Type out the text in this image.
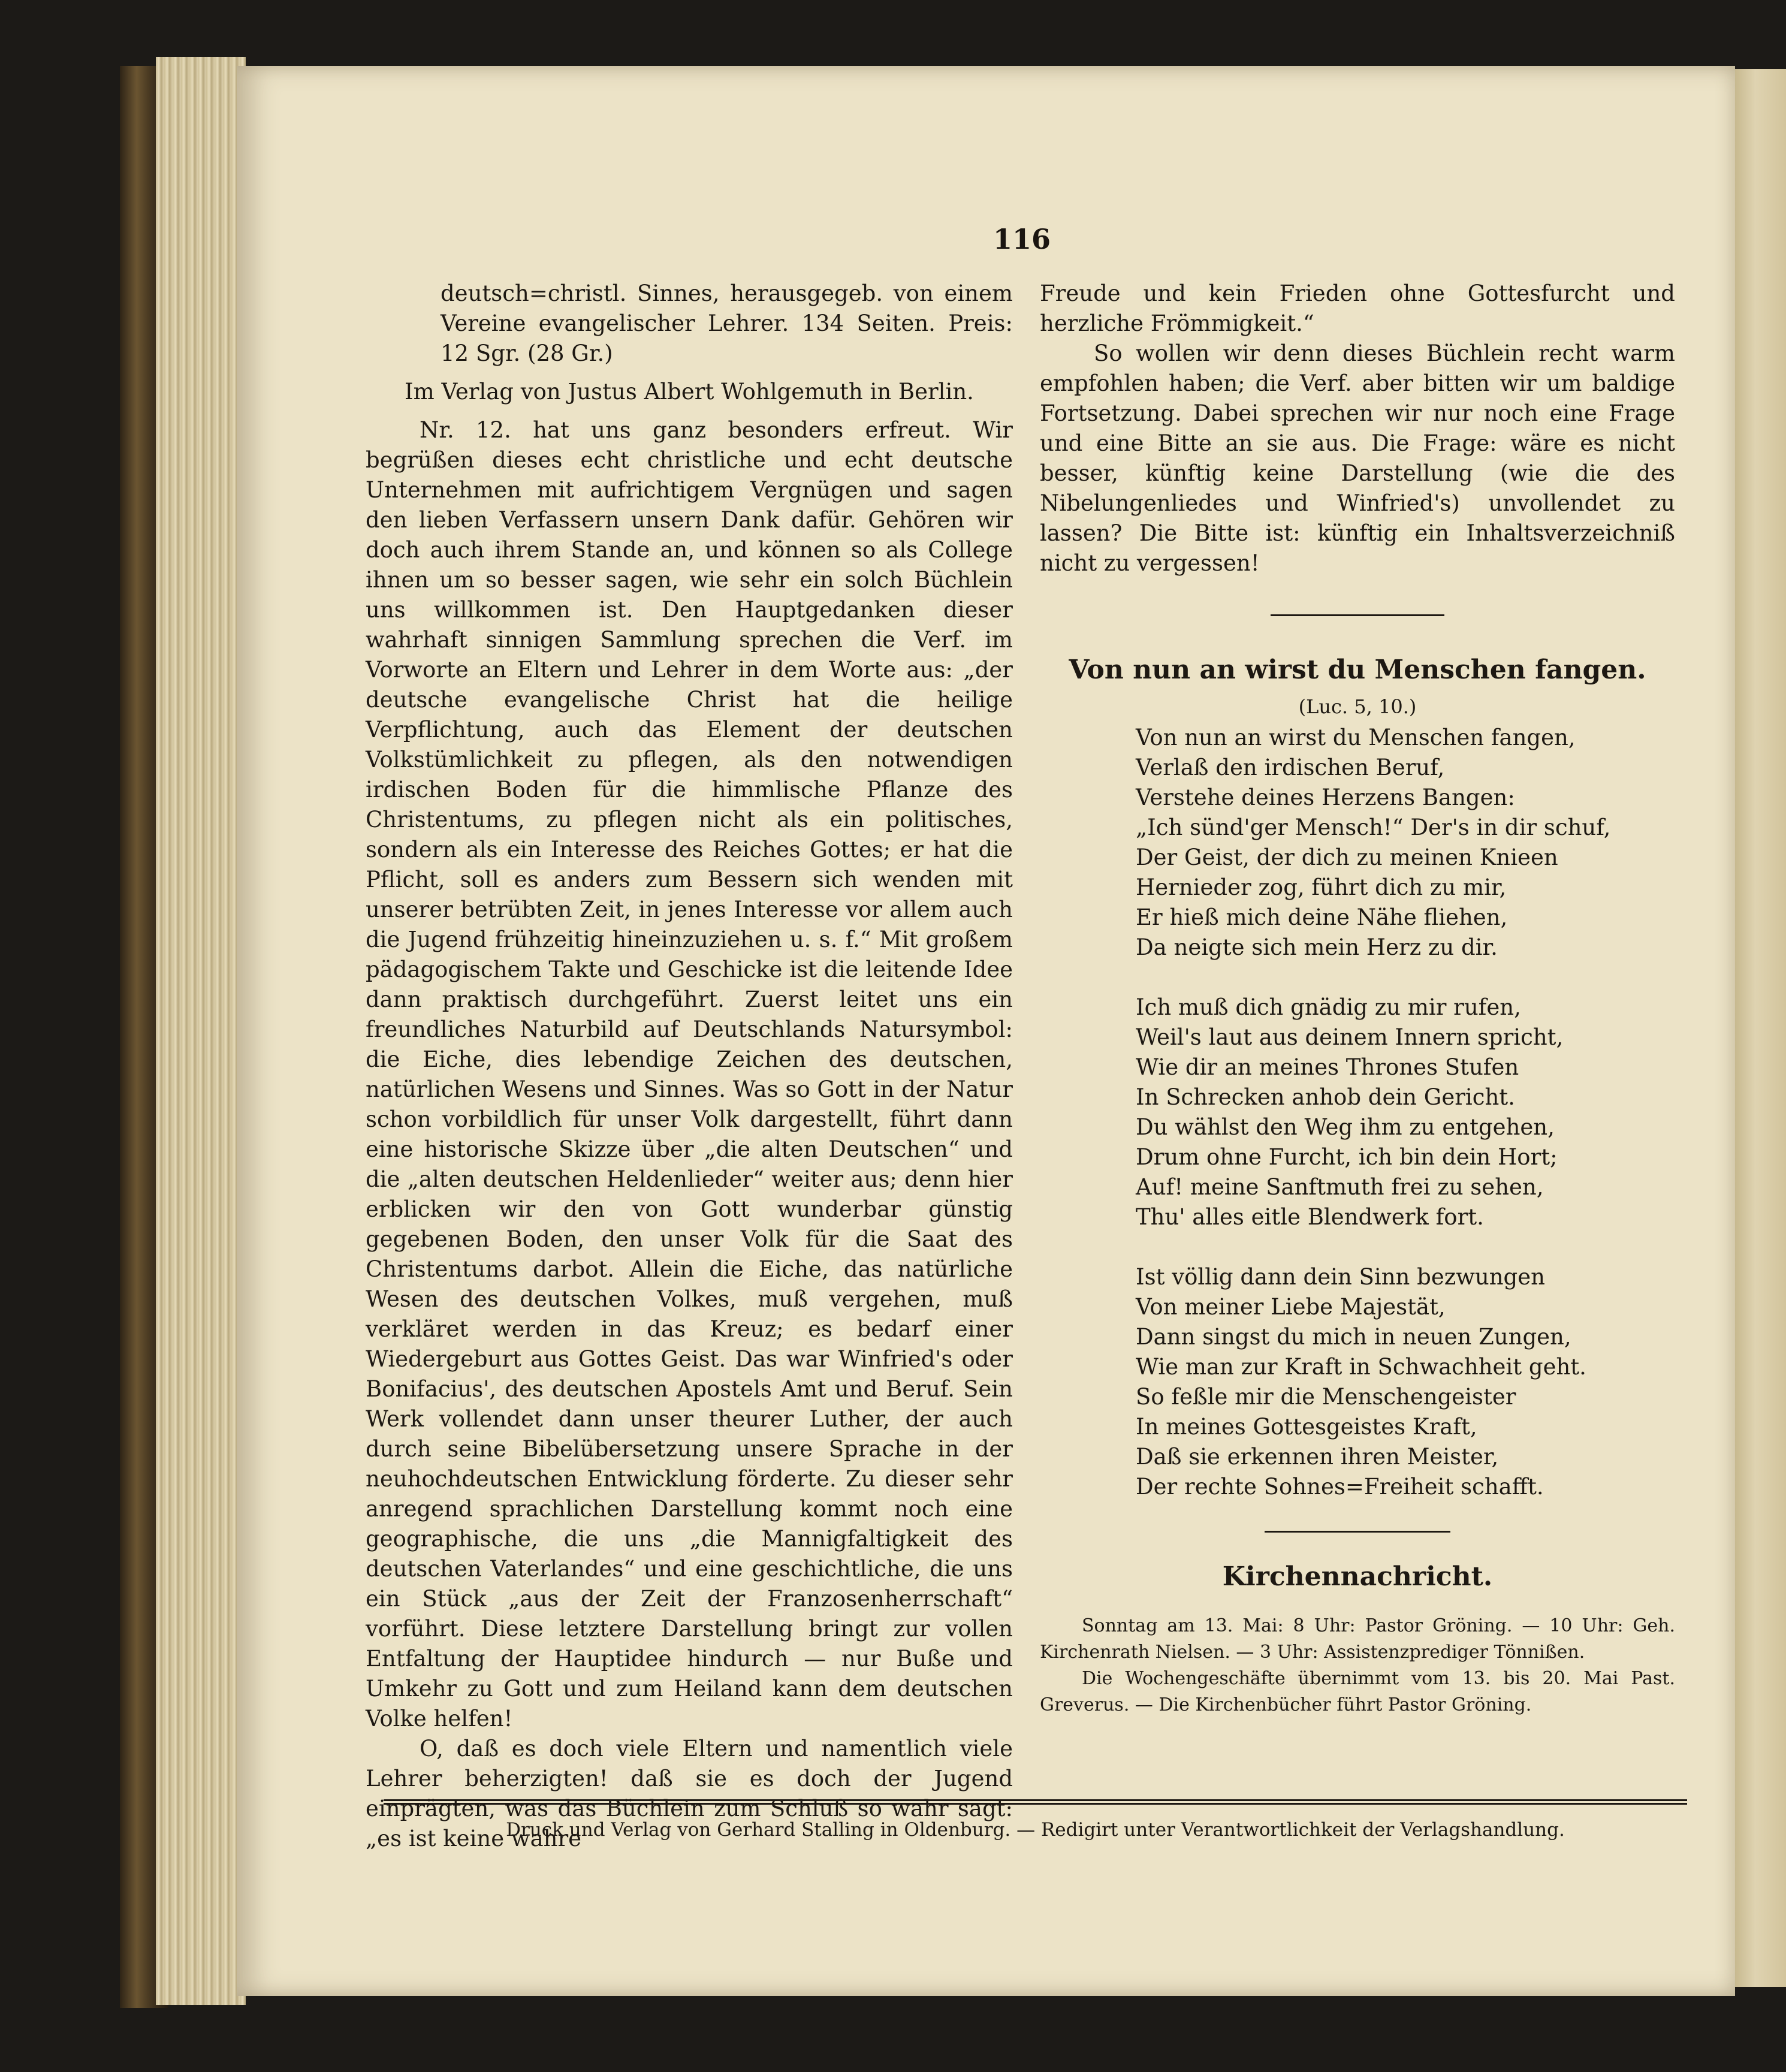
116

deutsch=christl. Sinnes, herausgegeb. von einem Vereine evangelischer Lehrer. 134 Seiten. Preis: 12 Sgr. (28 Gr.)

Im Verlag von Justus Albert Wohlgemuth in Berlin.

Nr. 12. hat uns ganz besonders erfreut. Wir begrüßen dieses echt christliche und echt deutsche Unternehmen mit aufrichtigem Vergnügen und sagen den lieben Verfassern unsern Dank dafür. Gehören wir doch auch ihrem Stande an, und können so als College ihnen um so besser sagen, wie sehr ein solch Büchlein uns willkommen ist. Den Hauptgedanken dieser wahrhaft sinnigen Sammlung sprechen die Verf. im Vorworte an Eltern und Lehrer in dem Worte aus: „der deutsche evangelische Christ hat die heilige Verpflichtung, auch das Element der deutschen Volkstümlichkeit zu pflegen, als den notwendigen irdischen Boden für die himmlische Pflanze des Christentums, zu pflegen nicht als ein politisches, sondern als ein Interesse des Reiches Gottes; er hat die Pflicht, soll es anders zum Bessern sich wenden mit unserer betrübten Zeit, in jenes Interesse vor allem auch die Jugend frühzeitig hineinzuziehen u. s. f.“ Mit großem pädagogischem Takte und Geschicke ist die leitende Idee dann praktisch durchgeführt. Zuerst leitet uns ein freundliches Naturbild auf Deutschlands Natursymbol: die Eiche, dies lebendige Zeichen des deutschen, natürlichen Wesens und Sinnes. Was so Gott in der Natur schon vorbildlich für unser Volk dargestellt, führt dann eine historische Skizze über „die alten Deutschen“ und die „alten deutschen Heldenlieder“ weiter aus; denn hier erblicken wir den von Gott wunderbar günstig gegebenen Boden, den unser Volk für die Saat des Christentums darbot. Allein die Eiche, das natürliche Wesen des deutschen Volkes, muß vergehen, muß verkläret werden in das Kreuz; es bedarf einer Wiedergeburt aus Gottes Geist. Das war Winfried's oder Bonifacius', des deutschen Apostels Amt und Beruf. Sein Werk vollendet dann unser theurer Luther, der auch durch seine Bibelübersetzung unsere Sprache in der neuhochdeutschen Entwicklung förderte. Zu dieser sehr anregend sprachlichen Darstellung kommt noch eine geographische, die uns „die Mannigfaltigkeit des deutschen Vaterlandes“ und eine geschichtliche, die uns ein Stück „aus der Zeit der Franzosenherrschaft“ vorführt. Diese letztere Darstellung bringt zur vollen Entfaltung der Hauptidee hindurch — nur Buße und Umkehr zu Gott und zum Heiland kann dem deutschen Volke helfen!

O, daß es doch viele Eltern und namentlich viele Lehrer beherzigten! daß sie es doch der Jugend einprägten, was das Büchlein zum Schluß so wahr sagt: „es ist keine wahre

Freude und kein Frieden ohne Gottesfurcht und herzliche Frömmigkeit.“

So wollen wir denn dieses Büchlein recht warm empfohlen haben; die Verf. aber bitten wir um baldige Fortsetzung. Dabei sprechen wir nur noch eine Frage und eine Bitte an sie aus. Die Frage: wäre es nicht besser, künftig keine Darstellung (wie die des Nibelungenliedes und Winfried's) unvollendet zu lassen? Die Bitte ist: künftig ein Inhaltsverzeichniß nicht zu vergessen!

Von nun an wirst du Menschen fangen.

(Luc. 5, 10.)

Von nun an wirst du Menschen fangen,

Verlaß den irdischen Beruf,

Verstehe deines Herzens Bangen:

„Ich sünd'ger Mensch!“ Der's in dir schuf,

Der Geist, der dich zu meinen Knieen

Hernieder zog, führt dich zu mir,

Er hieß mich deine Nähe fliehen,

Da neigte sich mein Herz zu dir.

Ich muß dich gnädig zu mir rufen,

Weil's laut aus deinem Innern spricht,

Wie dir an meines Thrones Stufen

In Schrecken anhob dein Gericht.

Du wählst den Weg ihm zu entgehen,

Drum ohne Furcht, ich bin dein Hort;

Auf! meine Sanftmuth frei zu sehen,

Thu' alles eitle Blendwerk fort.

Ist völlig dann dein Sinn bezwungen

Von meiner Liebe Majestät,

Dann singst du mich in neuen Zungen,

Wie man zur Kraft in Schwachheit geht.

So feßle mir die Menschengeister

In meines Gottesgeistes Kraft,

Daß sie erkennen ihren Meister,

Der rechte Sohnes=Freiheit schafft.

Kirchennachricht.

Sonntag am 13. Mai: 8 Uhr: Pastor Gröning. — 10 Uhr: Geh. Kirchenrath Nielsen. — 3 Uhr: Assistenzprediger Tönnißen.

Die Wochengeschäfte übernimmt vom 13. bis 20. Mai Past. Greverus. — Die Kirchenbücher führt Pastor Gröning.

Druck und Verlag von Gerhard Stalling in Oldenburg. — Redigirt unter Verantwortlichkeit der Verlagshandlung.
